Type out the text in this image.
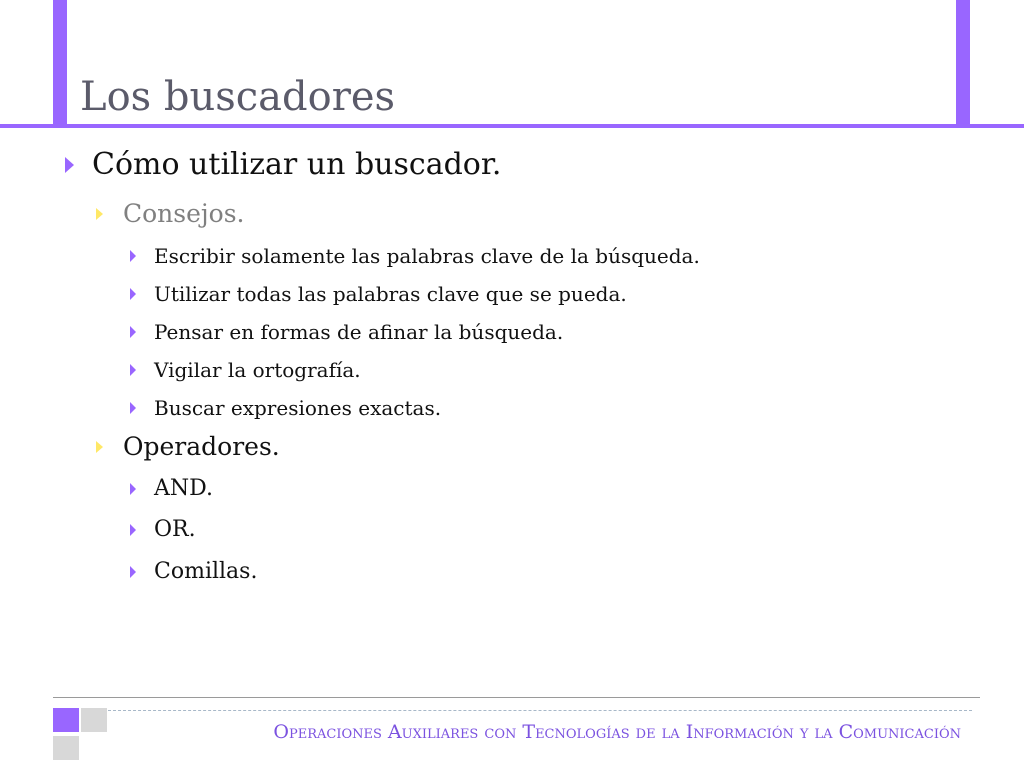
Los buscadores
Cómo utilizar un buscador.
Consejos.
Escribir solamente las palabras clave de la búsqueda.
Utilizar todas las palabras clave que se pueda.
Pensar en formas de afinar la búsqueda.
Vigilar la ortografía.
Buscar expresiones exactas.
Operadores.
AND.
OR.
Comillas.
Operaciones Auxiliares con Tecnologías de la Información y la Comunicación
